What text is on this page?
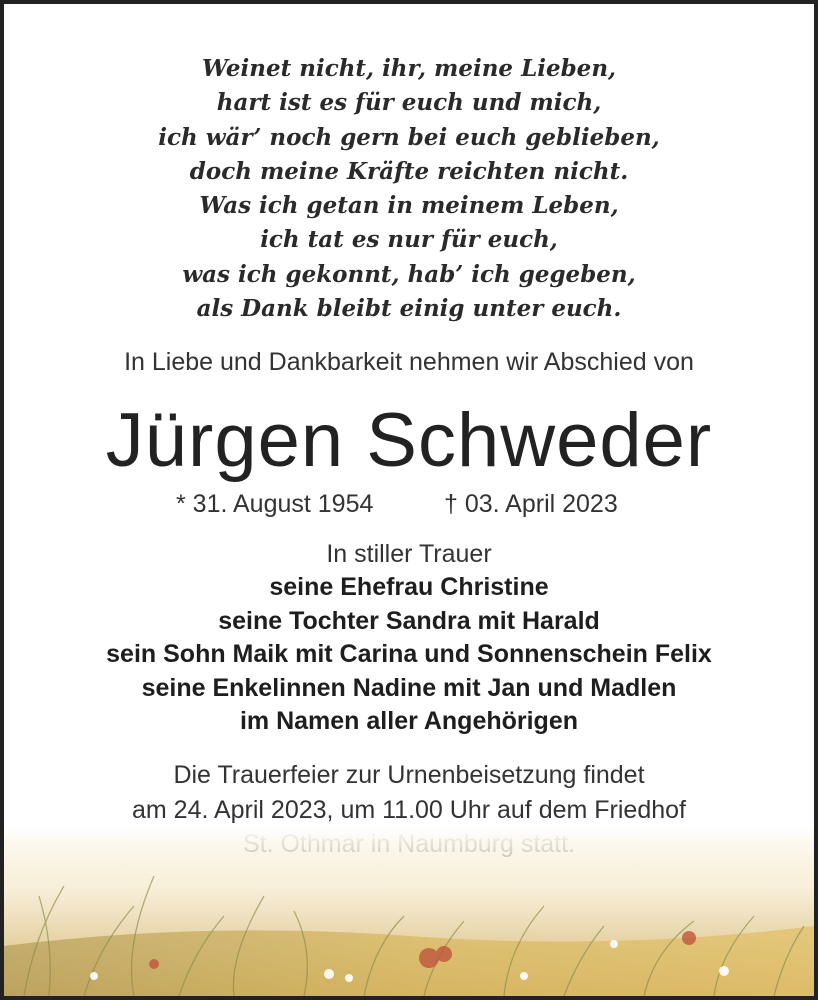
Weinet nicht, ihr, meine Lieben,
hart ist es für euch und mich,
ich wär’ noch gern bei euch geblieben,
doch meine Kräfte reichten nicht.
Was ich getan in meinem Leben,
ich tat es nur für euch,
was ich gekonnt, hab’ ich gegeben,
als Dank bleibt einig unter euch.
In Liebe und Dankbarkeit nehmen wir Abschied von
Jürgen Schweder
* 31. August 1954	† 03. April 2023
In stiller Trauer
seine Ehefrau Christine
seine Tochter Sandra mit Harald
sein Sohn Maik mit Carina und Sonnenschein Felix
seine Enkelinnen Nadine mit Jan und Madlen
im Namen aller Angehörigen
Die Trauerfeier zur Urnenbeisetzung findet
am 24. April 2023, um 11.00 Uhr auf dem Friedhof
